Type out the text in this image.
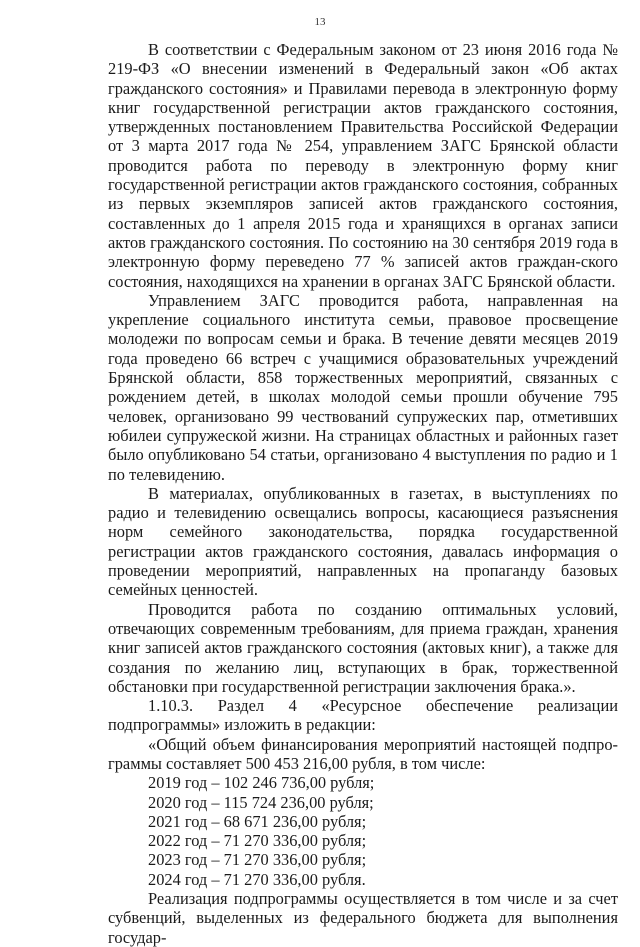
13

В соответствии с Федеральным законом от 23 июня 2016 года № 219-ФЗ «О внесении изменений в Федеральный закон «Об актах гражданского состояния» и Правилами перевода в электронную форму книг государственной регистрации актов гражданского состояния, утвержденных постановлением Правительства Российской Федерации от 3 марта 2017 года № 254, управлением ЗАГС Брянской области проводится работа по переводу в электронную форму книг государственной регистрации актов гражданского состояния, собранных из первых экземпляров записей актов гражданского состояния, составленных до 1 апреля 2015 года и хранящихся в органах записи актов гражданского состояния. По состоянию на 30 сентября 2019 года в электронную форму переведено 77 % записей актов граждан-ского состояния, находящихся на хранении в органах ЗАГС Брянской области.

Управлением ЗАГС проводится работа, направленная на укрепление социального института семьи, правовое просвещение молодежи по вопросам семьи и брака. В течение девяти месяцев 2019 года проведено 66 встреч с учащимися образовательных учреждений Брянской области, 858 торжественных мероприятий, связанных с рождением детей, в школах молодой семьи прошли обучение 795 человек, организовано 99 чествований супружеских пар, отметивших юбилеи супружеской жизни. На страницах областных и районных газет было опубликовано 54 статьи, организовано 4 выступления по радио и 1 по телевидению.

В материалах, опубликованных в газетах, в выступлениях по радио и телевидению освещались вопросы, касающиеся разъяснения норм семейного законодательства, порядка государственной регистрации актов гражданского состояния, давалась информация о проведении мероприятий, направленных на пропаганду базовых семейных ценностей.

Проводится работа по созданию оптимальных условий, отвечающих современным требованиям, для приема граждан, хранения книг записей актов гражданского состояния (актовых книг), а также для создания по желанию лиц, вступающих в брак, торжественной обстановки при государственной регистрации заключения брака.».

1.10.3. Раздел 4 «Ресурсное обеспечение реализации подпрограммы» изложить в редакции:

«Общий объем финансирования мероприятий настоящей подпро-граммы составляет 500 453 216,00 рубля, в том числе:

2019 год – 102 246 736,00 рубля;

2020 год – 115 724 236,00 рубля;

2021 год – 68 671 236,00 рубля;

2022 год – 71 270 336,00 рубля;

2023 год – 71 270 336,00 рубля;

2024 год – 71 270 336,00 рубля.

Реализация подпрограммы осуществляется в том числе и за счет субвенций, выделенных из федерального бюджета для выполнения государ-
